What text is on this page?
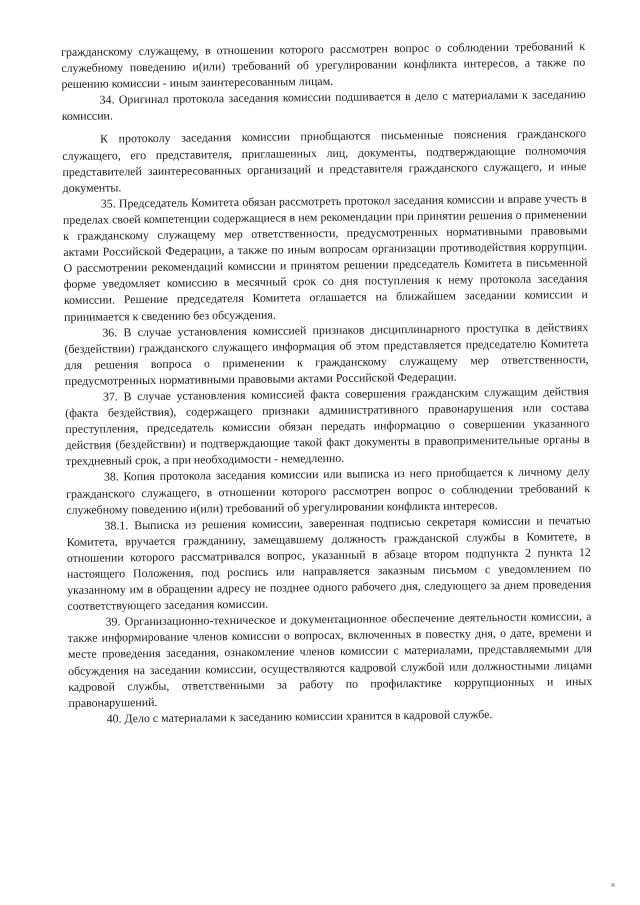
гражданскому служащему, в отношении которого рассмотрен вопрос о соблюдении требований к служебному поведению и(или) требований об урегулировании конфликта интересов, а также по решению комиссии - иным заинтересованным лицам.

34. Оригинал протокола заседания комиссии подшивается в дело с материалами к заседанию комиссии.

К протоколу заседания комиссии приобщаются письменные пояснения гражданского служащего, его представителя, приглашенных лиц, документы, подтверждающие полномочия представителей заинтересованных организаций и представителя гражданского служащего, и иные документы.

35. Председатель Комитета обязан рассмотреть протокол заседания комиссии и вправе учесть в пределах своей компетенции содержащиеся в нем рекомендации при принятии решения о применении к гражданскому служащему мер ответственности, предусмотренных нормативными правовыми актами Российской Федерации, а также по иным вопросам организации противодействия коррупции. О рассмотрении рекомендаций комиссии и принятом решении председатель Комитета в письменной форме уведомляет комиссию в месячный срок со дня поступления к нему протокола заседания комиссии. Решение председателя Комитета оглашается на ближайшем заседании комиссии и принимается к сведению без обсуждения.

36. В случае установления комиссией признаков дисциплинарного проступка в действиях (бездействии) гражданского служащего информация об этом представляется председателю Комитета для решения вопроса о применении к гражданскому служащему мер ответственности, предусмотренных нормативными правовыми актами Российской Федерации.

37. В случае установления комиссией факта совершения гражданским служащим действия (факта бездействия), содержащего признаки административного правонарушения или состава преступления, председатель комиссии обязан передать информацию о совершении указанного действия (бездействии) и подтверждающие такой факт документы в правоприменительные органы в трехдневный срок, а при необходимости - немедленно.

38. Копия протокола заседания комиссии или выписка из него приобщается к личному делу гражданского служащего, в отношении которого рассмотрен вопрос о соблюдении требований к служебному поведению и(или) требований об урегулировании конфликта интересов.

38.1. Выписка из решения комиссии, заверенная подписью секретаря комиссии и печатью Комитета, вручается гражданину, замещавшему должность гражданской службы в Комитете, в отношении которого рассматривался вопрос, указанный в абзаце втором подпункта 2 пункта 12 настоящего Положения, под роспись или направляется заказным письмом с уведомлением по указанному им в обращении адресу не позднее одного рабочего дня, следующего за днем проведения соответствующего заседания комиссии.

39. Организационно-техническое и документационное обеспечение деятельности комиссии, а также информирование членов комиссии о вопросах, включенных в повестку дня, о дате, времени и месте проведения заседания, ознакомление членов комиссии с материалами, представляемыми для обсуждения на заседании комиссии, осуществляются кадровой службой или должностными лицами кадровой службы, ответственными за работу по профилактике коррупционных и иных правонарушений.

40. Дело с материалами к заседанию комиссии хранится в кадровой службе.
